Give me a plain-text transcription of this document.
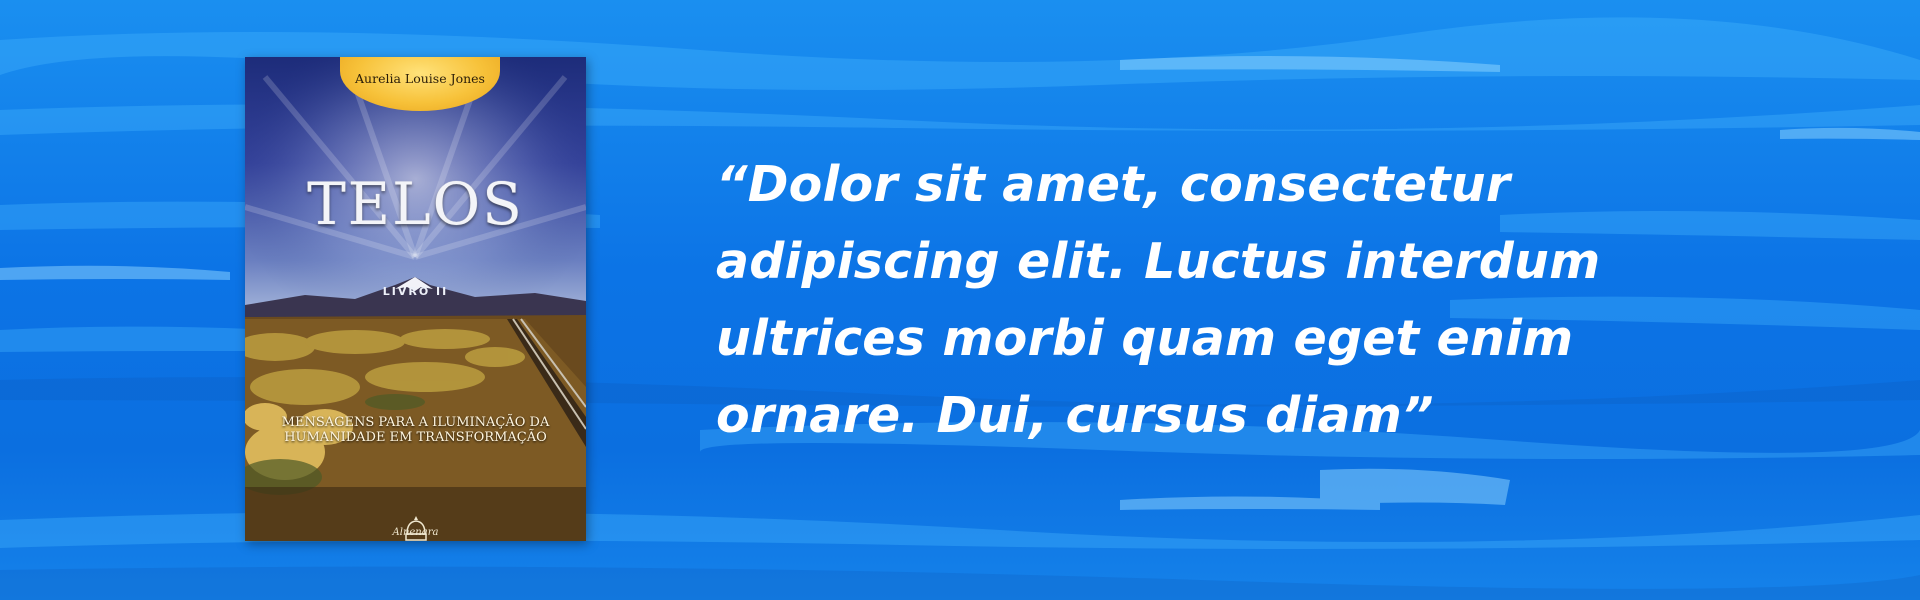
Aurelia Louise Jones
TELOS
LIVRO II
MENSAGENS PARA A ILUMINAÇÃO DA HUMANIDADE EM TRANSFORMAÇÃO
Alnenara

“Dolor sit amet, consectetur adipiscing elit. Luctus interdum ultrices morbi quam eget enim ornare. Dui, cursus diam”
